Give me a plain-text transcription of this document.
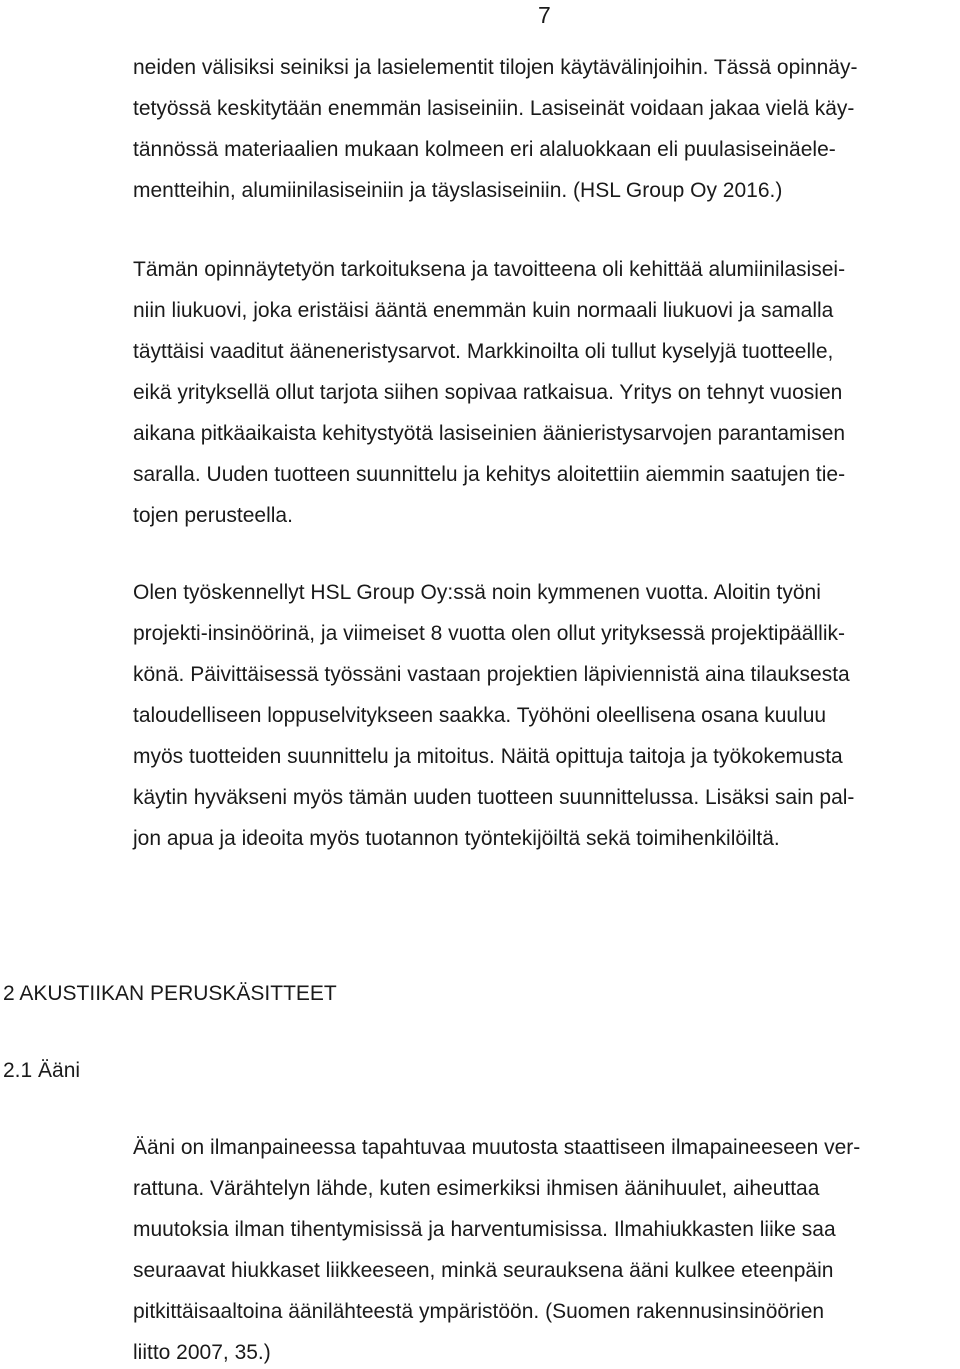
7
neiden välisiksi seiniksi ja lasielementit tilojen käytävälinjoihin. Tässä opinnäy-
tetyössä keskitytään enemmän lasiseiniin. Lasiseinät voidaan jakaa vielä käy-
tännössä materiaalien mukaan kolmeen eri alaluokkaan eli puulasiseinäele-
mentteihin, alumiinilasiseiniin ja täyslasiseiniin. (HSL Group Oy 2016.)
Tämän opinnäytetyön tarkoituksena ja tavoitteena oli kehittää alumiinilasisei-
niin liukuovi, joka eristäisi ääntä enemmän kuin normaali liukuovi ja samalla
täyttäisi vaaditut ääneneristysarvot. Markkinoilta oli tullut kyselyjä tuotteelle,
eikä yrityksellä ollut tarjota siihen sopivaa ratkaisua. Yritys on tehnyt vuosien
aikana pitkäaikaista kehitystyötä lasiseinien äänieristysarvojen parantamisen
saralla. Uuden tuotteen suunnittelu ja kehitys aloitettiin aiemmin saatujen tie-
tojen perusteella.
Olen työskennellyt HSL Group Oy:ssä noin kymmenen vuotta. Aloitin työni
projekti-insinöörinä, ja viimeiset 8 vuotta olen ollut yrityksessä projektipäällik-
könä. Päivittäisessä työssäni vastaan projektien läpiviennistä aina tilauksesta
taloudelliseen loppuselvitykseen saakka. Työhöni oleellisena osana kuuluu
myös tuotteiden suunnittelu ja mitoitus. Näitä opittuja taitoja ja työkokemusta
käytin hyväkseni myös tämän uuden tuotteen suunnittelussa. Lisäksi sain pal-
jon apua ja ideoita myös tuotannon työntekijöiltä sekä toimihenkilöiltä.
2 AKUSTIIKAN PERUSKÄSITTEET
2.1 Ääni
Ääni on ilmanpaineessa tapahtuvaa muutosta staattiseen ilmapaineeseen ver-
rattuna. Värähtelyn lähde, kuten esimerkiksi ihmisen äänihuulet, aiheuttaa
muutoksia ilman tihentymisissä ja harventumisissa. Ilmahiukkasten liike saa
seuraavat hiukkaset liikkeeseen, minkä seurauksena ääni kulkee eteenpäin
pitkittäisaaltoina äänilähteestä ympäristöön. (Suomen rakennusinsinöörien
liitto 2007, 35.)
